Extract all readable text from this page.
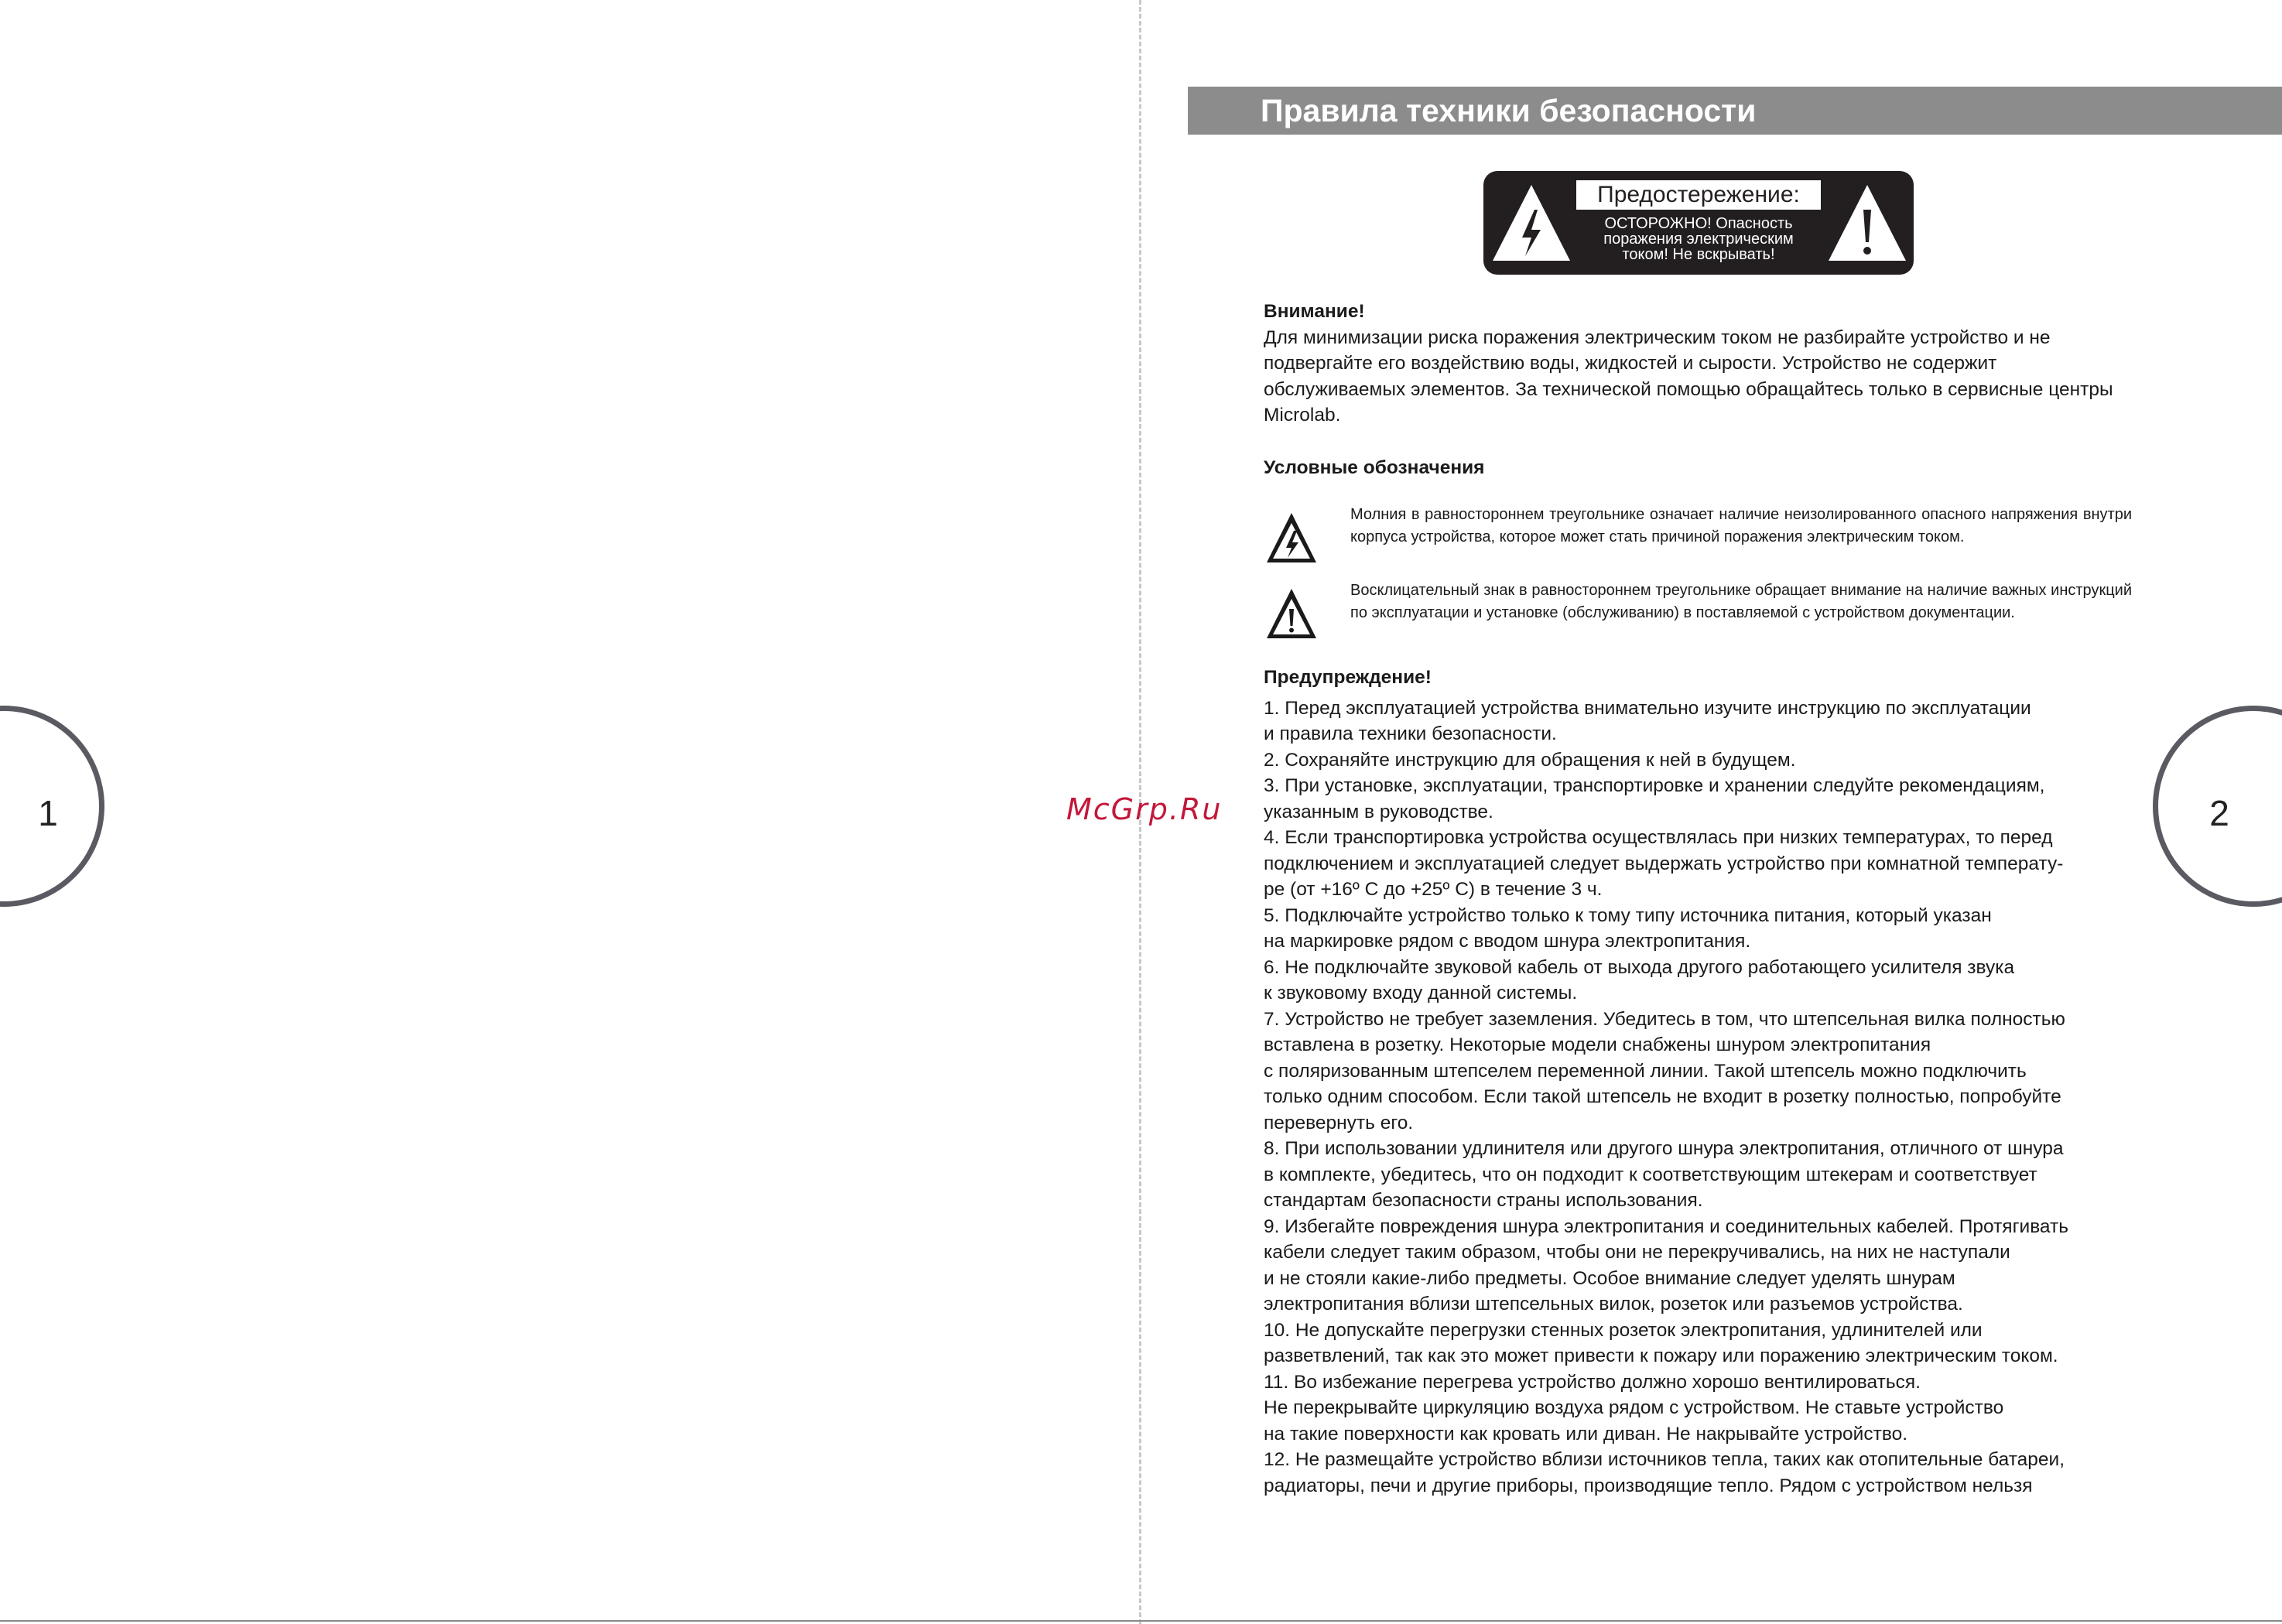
1	2
McGrp.Ru
Правила техники безопасности
Предостережение:
ОСТОРОЖНО! Опасность поражения электрическим током! Не вскрывать!

Внимание!

Для минимизации риска поражения электрическим током не разбирайте устройство и не подвергайте его воздействию воды, жидкостей и сырости. Устройство не содержит обслуживаемых элементов. За технической помощью обращайтесь только в сервисные центры Microlab.

Условные обозначения

Молния в равностороннем треугольнике означает наличие неизолированного опасного напряжения внутри корпуса устройства, которое может стать причиной поражения электрическим током.
Восклицательный знак в равностороннем треугольнике обращает внимание на наличие важных инструкций по эксплуатации и установке (обслуживанию) в поставляемой с устройством документации.

Предупреждение!

1. Перед эксплуатацией устройства внимательно изучите инструкцию по эксплуатации
и правила техники безопасности.
2. Сохраняйте инструкцию для обращения к ней в будущем.
3. При установке, эксплуатации, транспортировке и хранении следуйте рекомендациям,
указанным в руководстве.
4. Если транспортировка устройства осуществлялась при низких температурах, то перед
подключением и эксплуатацией следует выдержать устройство при комнатной температу-
ре (от +16º С до +25º С) в течение 3 ч.
5. Подключайте устройство только к тому типу источника питания, который указан
на маркировке рядом с вводом шнура электропитания.
6. Не подключайте звуковой кабель от выхода другого работающего усилителя звука
к звуковому входу данной системы.
7. Устройство не требует заземления. Убедитесь в том, что штепсельная вилка полностью
вставлена в розетку. Некоторые модели снабжены шнуром электропитания
с поляризованным штепселем переменной линии. Такой штепсель можно подключить
только одним способом. Если такой штепсель не входит в розетку полностью, попробуйте
перевернуть его.
8. При использовании удлинителя или другого шнура электропитания, отличного от шнура
в комплекте, убедитесь, что он подходит к соответствующим штекерам и соответствует
стандартам безопасности страны использования.
9. Избегайте повреждения шнура электропитания и соединительных кабелей. Протягивать
кабели следует таким образом, чтобы они не перекручивались, на них не наступали
и не стояли какие-либо предметы. Особое внимание следует уделять шнурам
электропитания вблизи штепсельных вилок, розеток или разъемов устройства.
10. Не допускайте перегрузки стенных розеток электропитания, удлинителей или
разветвлений, так как это может привести к пожару или поражению электрическим током.
11. Во избежание перегрева устройство должно хорошо вентилироваться.
Не перекрывайте циркуляцию воздуха рядом с устройством. Не ставьте устройство
на такие поверхности как кровать или диван. Не накрывайте устройство.
12. Не размещайте устройство вблизи источников тепла, таких как отопительные батареи,
радиаторы, печи и другие приборы, производящие тепло. Рядом с устройством нельзя
